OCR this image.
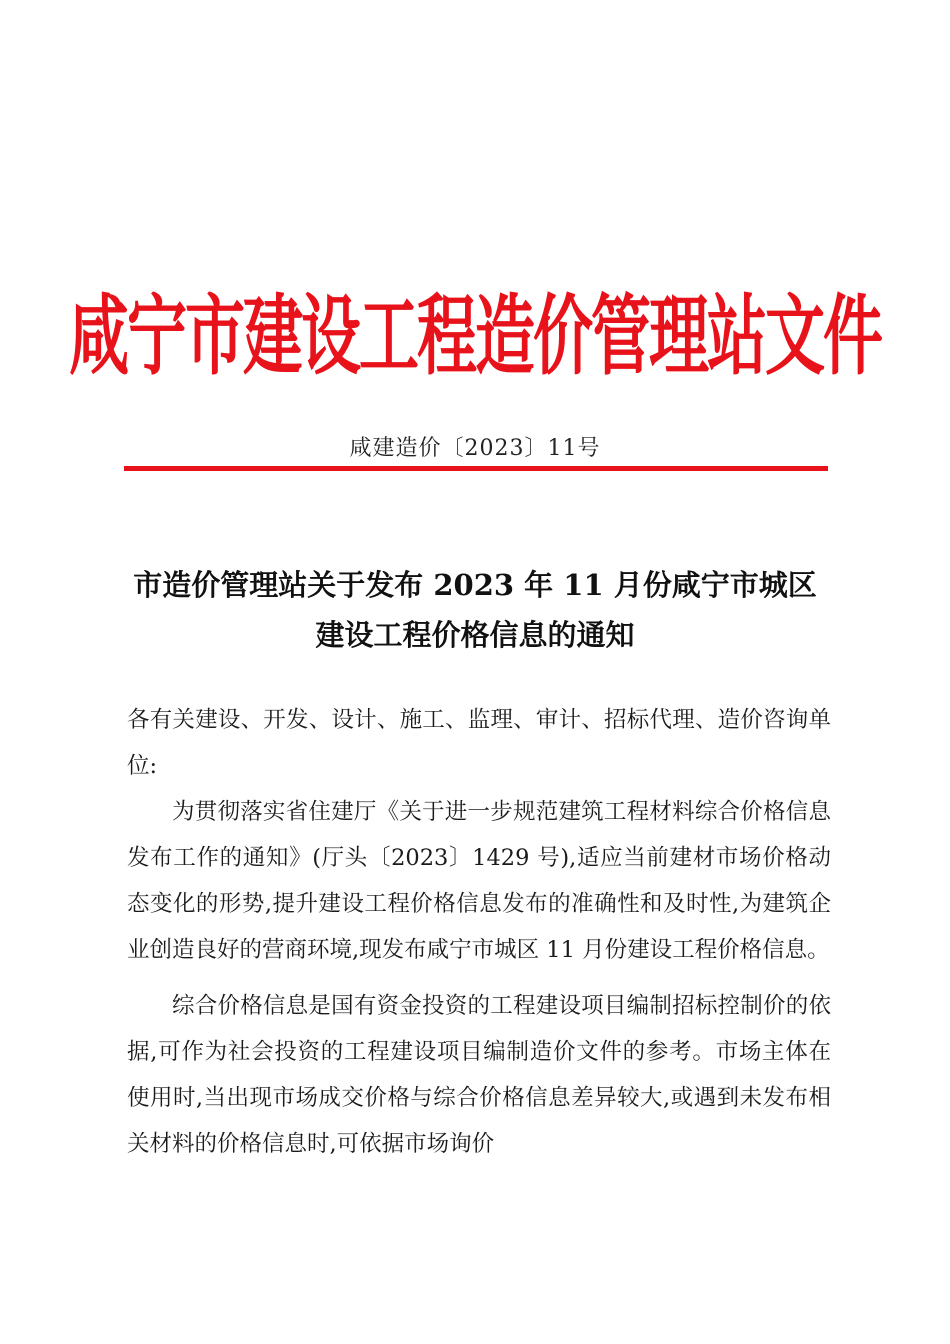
咸宁市建设工程造价管理站文件
咸建造价〔2023〕11号
市造价管理站关于发布 2023 年 11 月份咸宁市城区
建设工程价格信息的通知

各有关建设、开发、设计、施工、监理、审计、招标代理、造价咨询单位:

为贯彻落实省住建厅《关于进一步规范建筑工程材料综合价格信息发布工作的通知》(厅头〔2023〕1429 号),适应当前建材市场价格动态变化的形势,提升建设工程价格信息发布的准确性和及时性,为建筑企业创造良好的营商环境,现发布咸宁市城区 11 月份建设工程价格信息。

综合价格信息是国有资金投资的工程建设项目编制招标控制价的依据,可作为社会投资的工程建设项目编制造价文件的参考。市场主体在使用时,当出现市场成交价格与综合价格信息差异较大,或遇到未发布相关材料的价格信息时,可依据市场询价
